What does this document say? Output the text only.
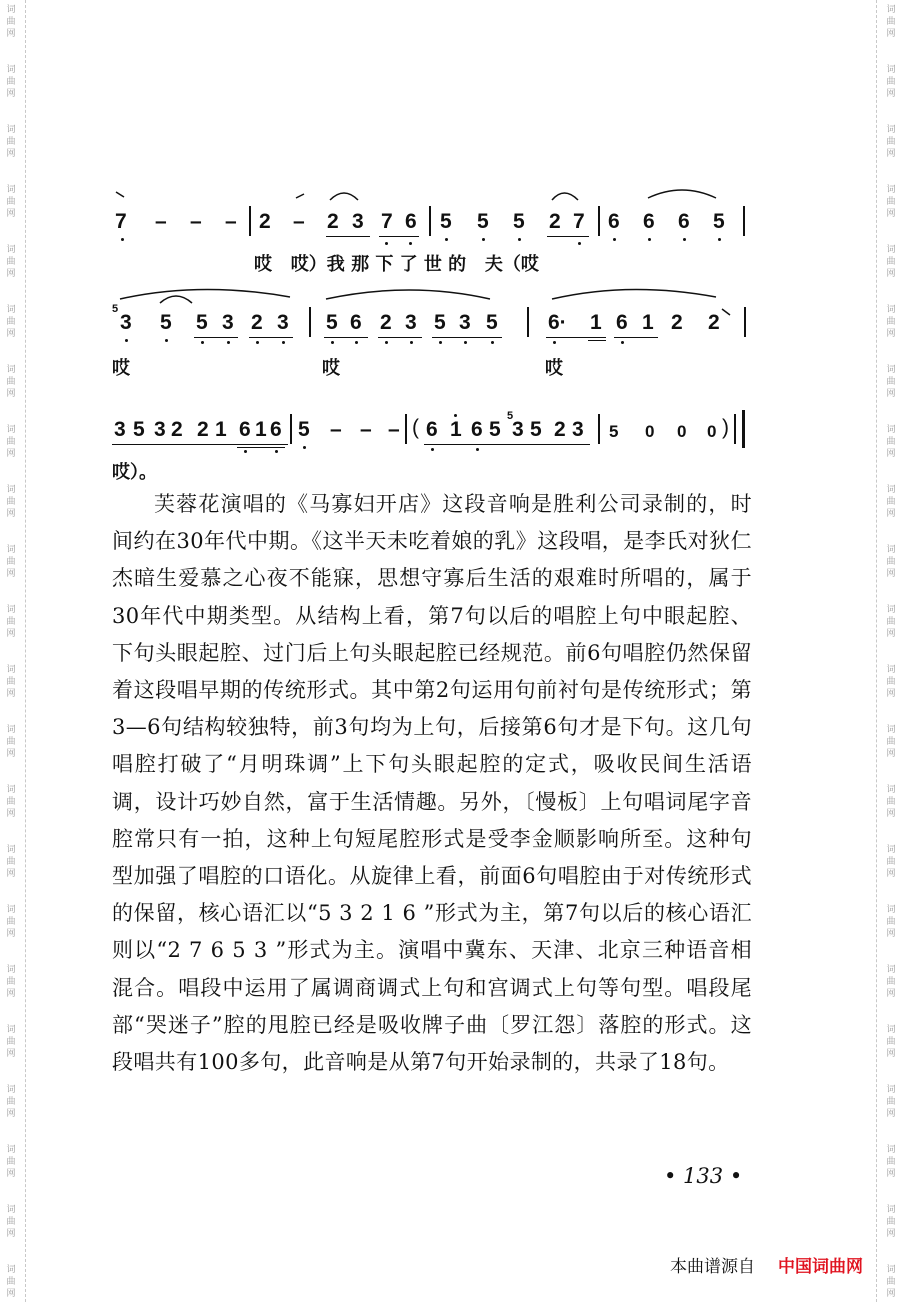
词
曲
网
词
曲
网
词
曲
网
词
曲
网
词
曲
网
词
曲
网
词
曲
网
词
曲
网
词
曲
网
词
曲
网
词
曲
网
词
曲
网
词
曲
网
词
曲
网
词
曲
网
词
曲
网
词
曲
网
词
曲
网
词
曲
网
词
曲
网
词
曲
网
词
曲
网
词
曲
网
词
曲
网
词
曲
网
词
曲
网
词
曲
网
词
曲
网
词
曲
网
词
曲
网
词
曲
网
词
曲
网
词
曲
网
词
曲
网
词
曲
网
词
曲
网
词
曲
网
词
曲
网
词
曲
网
词
曲
网
词
曲
网
词
曲
网
词
曲
网
词
曲
网
7 – – – 2 – 2 3 7 6 5 5 5 2 7 6 6 6 5
哎   哎）我 那 下 了 世 的   夫（哎
3 5 5 3 2 3 5 6 2 3 5 3 5 6· 1 6 1 2 2
5
哎	哎	哎
3 5 3 2 2 1 6 1 6 5 – – – ( 6 1 6 5 3 5 2 3 5 0 0 0 )
5
哎）。

芙蓉花演唱的《马寡妇开店》这段音响是胜利公司录制的，时间约在30年代中期。《这半天未吃着娘的乳》这段唱，是李氏对狄仁杰暗生爱慕之心夜不能寐，思想守寡后生活的艰难时所唱的，属于30年代中期类型。从结构上看，第7句以后的唱腔上句中眼起腔、下句头眼起腔、过门后上句头眼起腔已经规范。前6句唱腔仍然保留着这段唱早期的传统形式。其中第2句运用句前衬句是传统形式；第3—6句结构较独特，前3句均为上句，后接第6句才是下句。这几句唱腔打破了“月明珠调”上下句头眼起腔的定式，吸收民间生活语调，设计巧妙自然，富于生活情趣。另外，〔慢板〕上句唱词尾字音腔常只有一拍，这种上句短尾腔形式是受李金顺影响所至。这种句型加强了唱腔的口语化。从旋律上看，前面6句唱腔由于对传统形式的保留，核心语汇以“5 3 2 1 6 ”形式为主，第7句以后的核心语汇则以“2 7 6 5 3 ”形式为主。演唱中冀东、天津、北京三种语音相混合。唱段中运用了属调商调式上句和宫调式上句等句型。唱段尾部“哭迷子”腔的甩腔已经是吸收牌子曲〔罗江怨〕落腔的形式。这段唱共有100多句，此音响是从第7句开始录制的，共录了18句。

• 133 •
本曲谱源自 中国词曲网
